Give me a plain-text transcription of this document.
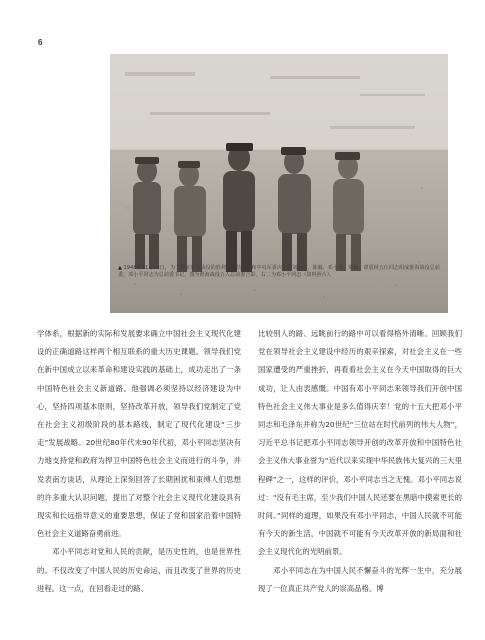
6
▲ 1948年11月16日，为了保证淮海战役的胜利，中共中央和中央军委决定由刘伯承、陈毅、邓小平、粟裕、谭震林五位同志组成淮海战役总前委，邓小平同志为总前委书记。图为淮海战役五人总前委合影，右二为邓小平同志（资料照片）。

学体系，根据新的实际和发展要求确立中国社会主义现代化建设的正确道路这样两个相互联系的重大历史课题。领导我们党在新中国成立以来革命和建设实践的基础上，成功走出了一条中国特色社会主义新道路。他强调必须坚持以经济建设为中心，坚持四项基本原则，坚持改革开放，领导我们党制定了党在社会主义初级阶段的基本路线，制定了现代化建设“三步走”发展战略。20世纪80年代末90年代初，邓小平同志坚决有力地支持党和政府为捍卫中国特色社会主义而进行的斗争，并发表南方谈话，从理论上深刻回答了长期困扰和束缚人们思想的许多重大认识问题，提出了对整个社会主义现代化建设具有现实和长远指导意义的重要思想，保证了党和国家沿着中国特色社会主义道路奋勇前进。

邓小平同志对党和人民的贡献，是历史性的，也是世界性的。不仅改变了中国人民的历史命运，而且改变了世界的历史进程。这一点，在回看走过的路、

比较别人的路、远眺前行的路中可以看得格外清晰。回顾我们党在领导社会主义建设中经历的艰辛探索，对社会主义在一些国家遭受的严重挫折，再看看社会主义在今天中国取得的巨大成功，让人由衷感慨。中国有邓小平同志来领导我们开创中国特色社会主义伟大事业是多么值得庆幸！党的十五大把邓小平同志和毛泽东并称为20世纪“三位站在时代前列的伟大人物”，习近平总书记把邓小平同志领导开创的改革开放和中国特色社会主义伟大事业誉为“近代以来实现中华民族伟大复兴的三大里程碑”之一，这样的评价，邓小平同志当之无愧。邓小平同志说过：“没有毛主席，至少我们中国人民还要在黑暗中摸索更长的时间。”同样的道理，如果没有邓小平同志，中国人民就不可能有今天的新生活，中国就不可能有今天改革开放的新局面和社会主义现代化的光明前景。

邓小平同志在为中国人民不懈奋斗的光辉一生中，充分展现了一位真正共产党人的崇高品格。博
